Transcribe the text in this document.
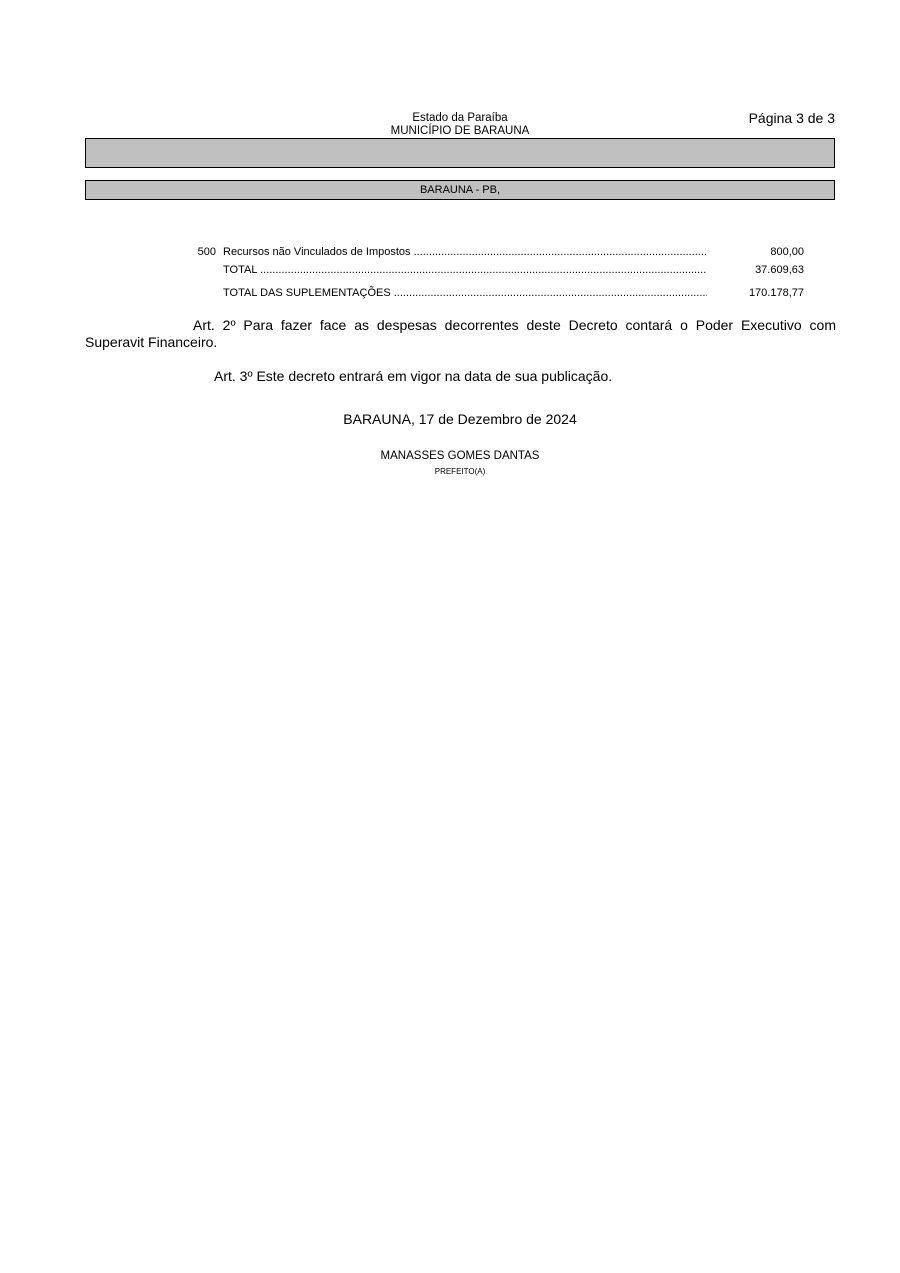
Estado da Paraíba
MUNICÍPIO DE BARAUNA
Página 3 de 3
BARAUNA - PB,
500 Recursos não Vinculados de Impostos .....	800,00
TOTAL .....	37.609,63
TOTAL DAS SUPLEMENTAÇÕES .....	170.178,77

Art. 2º Para fazer face as despesas decorrentes deste Decreto contará o Poder Executivo com Superavit Financeiro.

Art. 3º Este decreto entrará em vigor na data de sua publicação.
BARAUNA, 17 de Dezembro de 2024
MANASSES GOMES DANTAS
PREFEITO(A)
